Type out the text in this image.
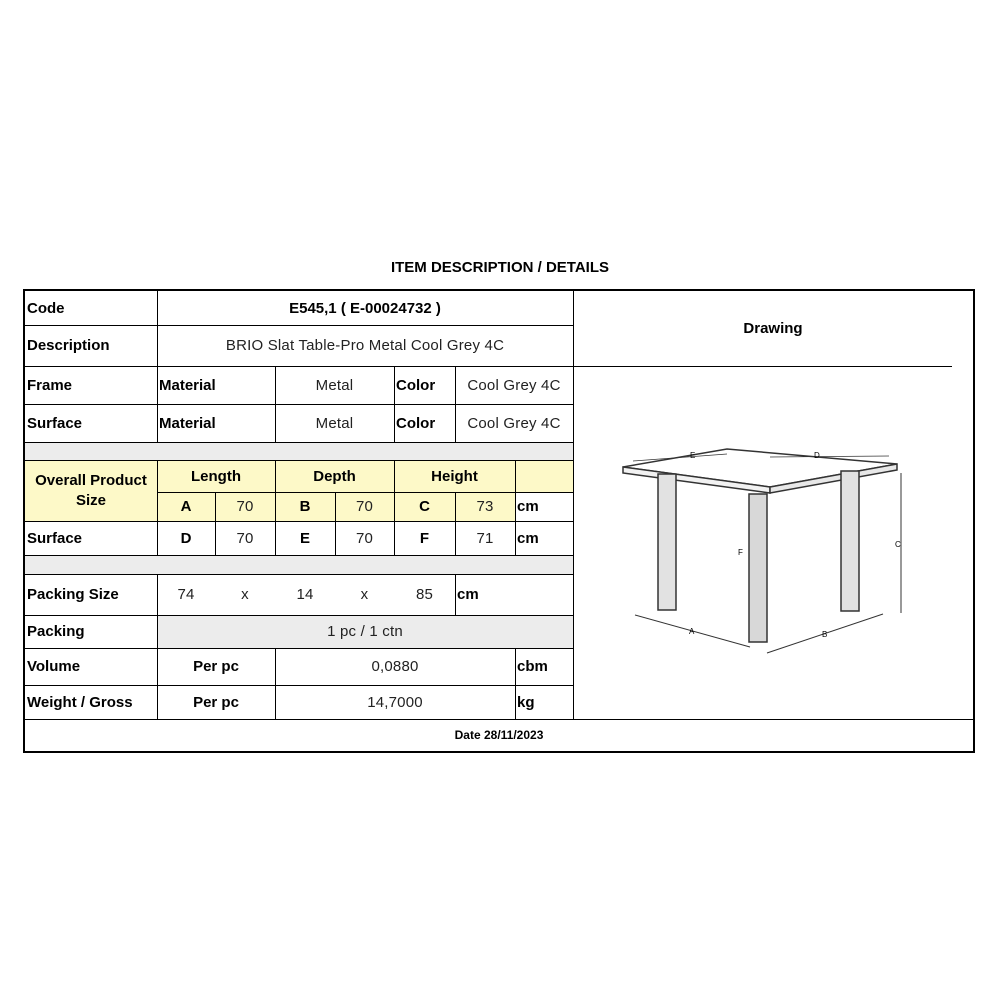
ITEM DESCRIPTION / DETAILS
Code	E545,1 ( E-00024732 )
Description	BRIO Slat Table-Pro Metal Cool Grey 4C
Drawing
Frame	Material	Metal	Color	Cool Grey 4C
Surface	Material	Metal	Color	Cool Grey 4C
Overall Product Size
Length	Depth	Height
A	70	B	70	C	73	cm
Surface	D	70	E	70	F	71	cm
Packing Size	74	x	14	x	85	cm
Packing	1 pc / 1 ctn
Volume	Per pc	0,0880	cbm
Weight / Gross	Per pc	14,7000	kg
Date 28/11/2023
A	B
C
D
E
F
